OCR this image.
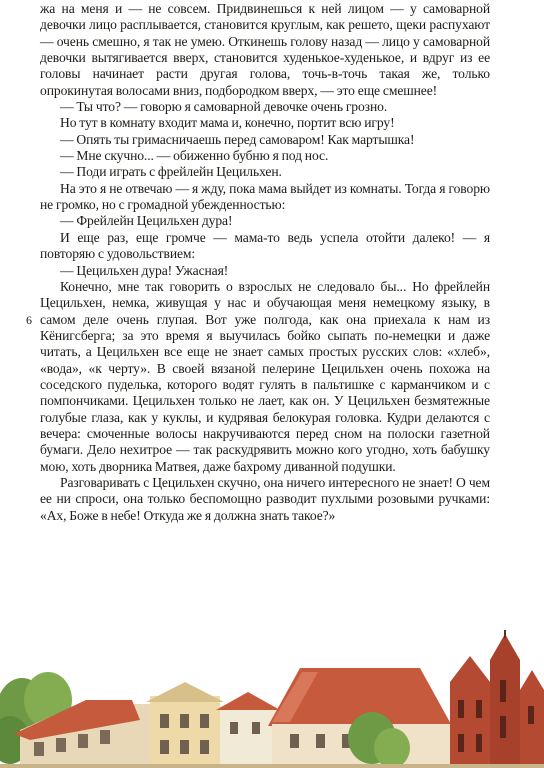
жа на меня и — не совсем. Придвинешься к ней лицом — у самоварной девочки лицо расплывается, становится круглым, как решето, щеки распухают — очень смешно, я так не умею. Откинешь голову назад — лицо у самоварной девочки вытягивается вверх, становится худенькое-худенькое, и вдруг из ее головы начинает расти другая голова, точь-в-точь такая же, только опрокинутая волосами вниз, подбородком вверх, — это еще смешнее!

— Ты что? — говорю я самоварной девочке очень грозно.

Но тут в комнату входит мама и, конечно, портит всю игру!

— Опять ты гримасничаешь перед самоваром! Как мартышка!

— Мне скучно... — обиженно бубню я под нос.

— Поди играть с фрейлейн Цецильхен.

На это я не отвечаю — я жду, пока мама выйдет из комнаты. Тогда я говорю не громко, но с громадной убежденностью:

— Фрейлейн Цецильхен дура!

И еще раз, еще громче — мама-то ведь успела отойти далеко! — я повторяю с удовольствием:

— Цецильхен дура! Ужасная!

Конечно, мне так говорить о взрослых не следовало бы... Но фрейлейн Цецильхен, немка, живущая у нас и обучающая меня немецкому языку, в самом деле очень глупая. Вот уже полгода, как она приехала к нам из Кёнигсберга; за это время я выучилась бойко сыпать по-немецки и даже читать, а Цецильхен все еще не знает самых простых русских слов: «хлеб», «вода», «к черту». В своей вязаной пелерине Цецильхен очень похожа на соседского пуделька, которого водят гулять в пальтишке с карманчиком и с помпончиками. Цецильхен только не лает, как он. У Цецильхен безмятежные голубые глаза, как у куклы, и кудрявая белокурая головка. Кудри делаются с вечера: смоченные волосы накручиваются перед сном на полоски газетной бумаги. Дело нехитрое — так раскудрявить можно кого угодно, хоть бабушку мою, хоть дворника Матвея, даже бахрому диванной подушки.

Разговаривать с Цецильхен скучно, она ничего интересного не знает! О чем ее ни спроси, она только беспомощно разводит пухлыми розовыми ручками: «Ах, Боже в небе! Откуда же я должна знать такое?»

6
